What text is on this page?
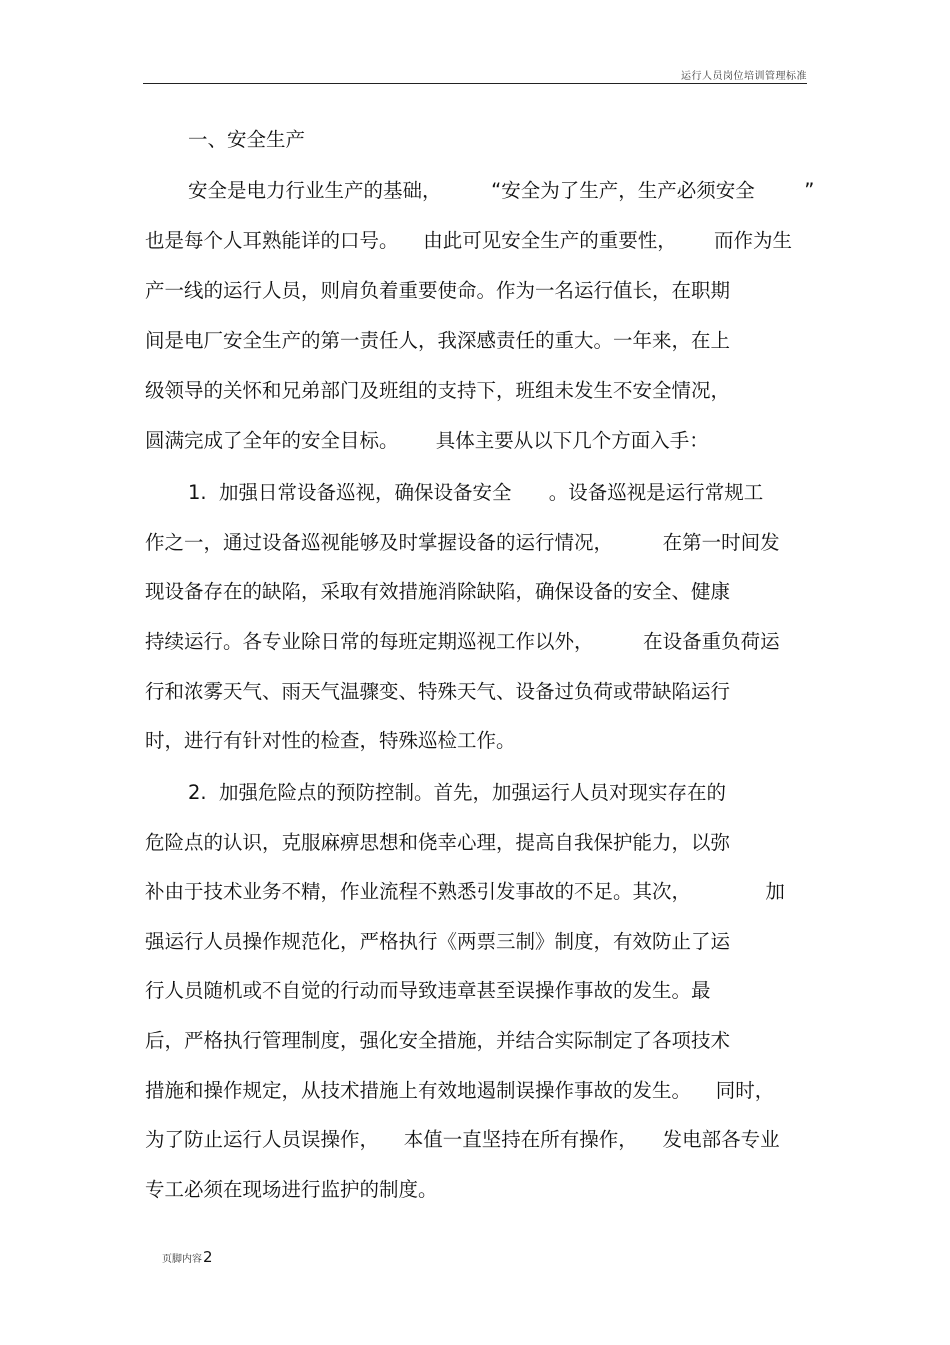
运行人员岗位培训管理标准
一、安全生产
安全是电力行业生产的基础，        “安全为了生产，生产必须安全        ”
也是每个人耳熟能详的口号。    由此可见安全生产的重要性，      而作为生
产一线的运行人员，则肩负着重要使命。作为一名运行值长，在职期
间是电厂安全生产的第一责任人，我深感责任的重大。一年来，在上
级领导的关怀和兄弟部门及班组的支持下，班组未发生不安全情况，
圆满完成了全年的安全目标。      具体主要从以下几个方面入手：
1.  加强日常设备巡视，确保设备安全      。设备巡视是运行常规工
作之一，通过设备巡视能够及时掌握设备的运行情况，        在第一时间发
现设备存在的缺陷，采取有效措施消除缺陷，确保设备的安全、健康
持续运行。各专业除日常的每班定期巡视工作以外，        在设备重负荷运
行和浓雾天气、雨天气温骤变、特殊天气、设备过负荷或带缺陷运行
时，进行有针对性的检查，特殊巡检工作。
2.  加强危险点的预防控制。首先，加强运行人员对现实存在的
危险点的认识，克服麻痹思想和侥幸心理，提高自我保护能力，以弥
补由于技术业务不精，作业流程不熟悉引发事故的不足。其次，            加
强运行人员操作规范化，严格执行《两票三制》制度，有效防止了运
行人员随机或不自觉的行动而导致违章甚至误操作事故的发生。最
后，严格执行管理制度，强化安全措施，并结合实际制定了各项技术
措施和操作规定，从技术措施上有效地遏制误操作事故的发生。    同时，
为了防止运行人员误操作，    本值一直坚持在所有操作，    发电部各专业
专工必须在现场进行监护的制度。
页脚内容2
